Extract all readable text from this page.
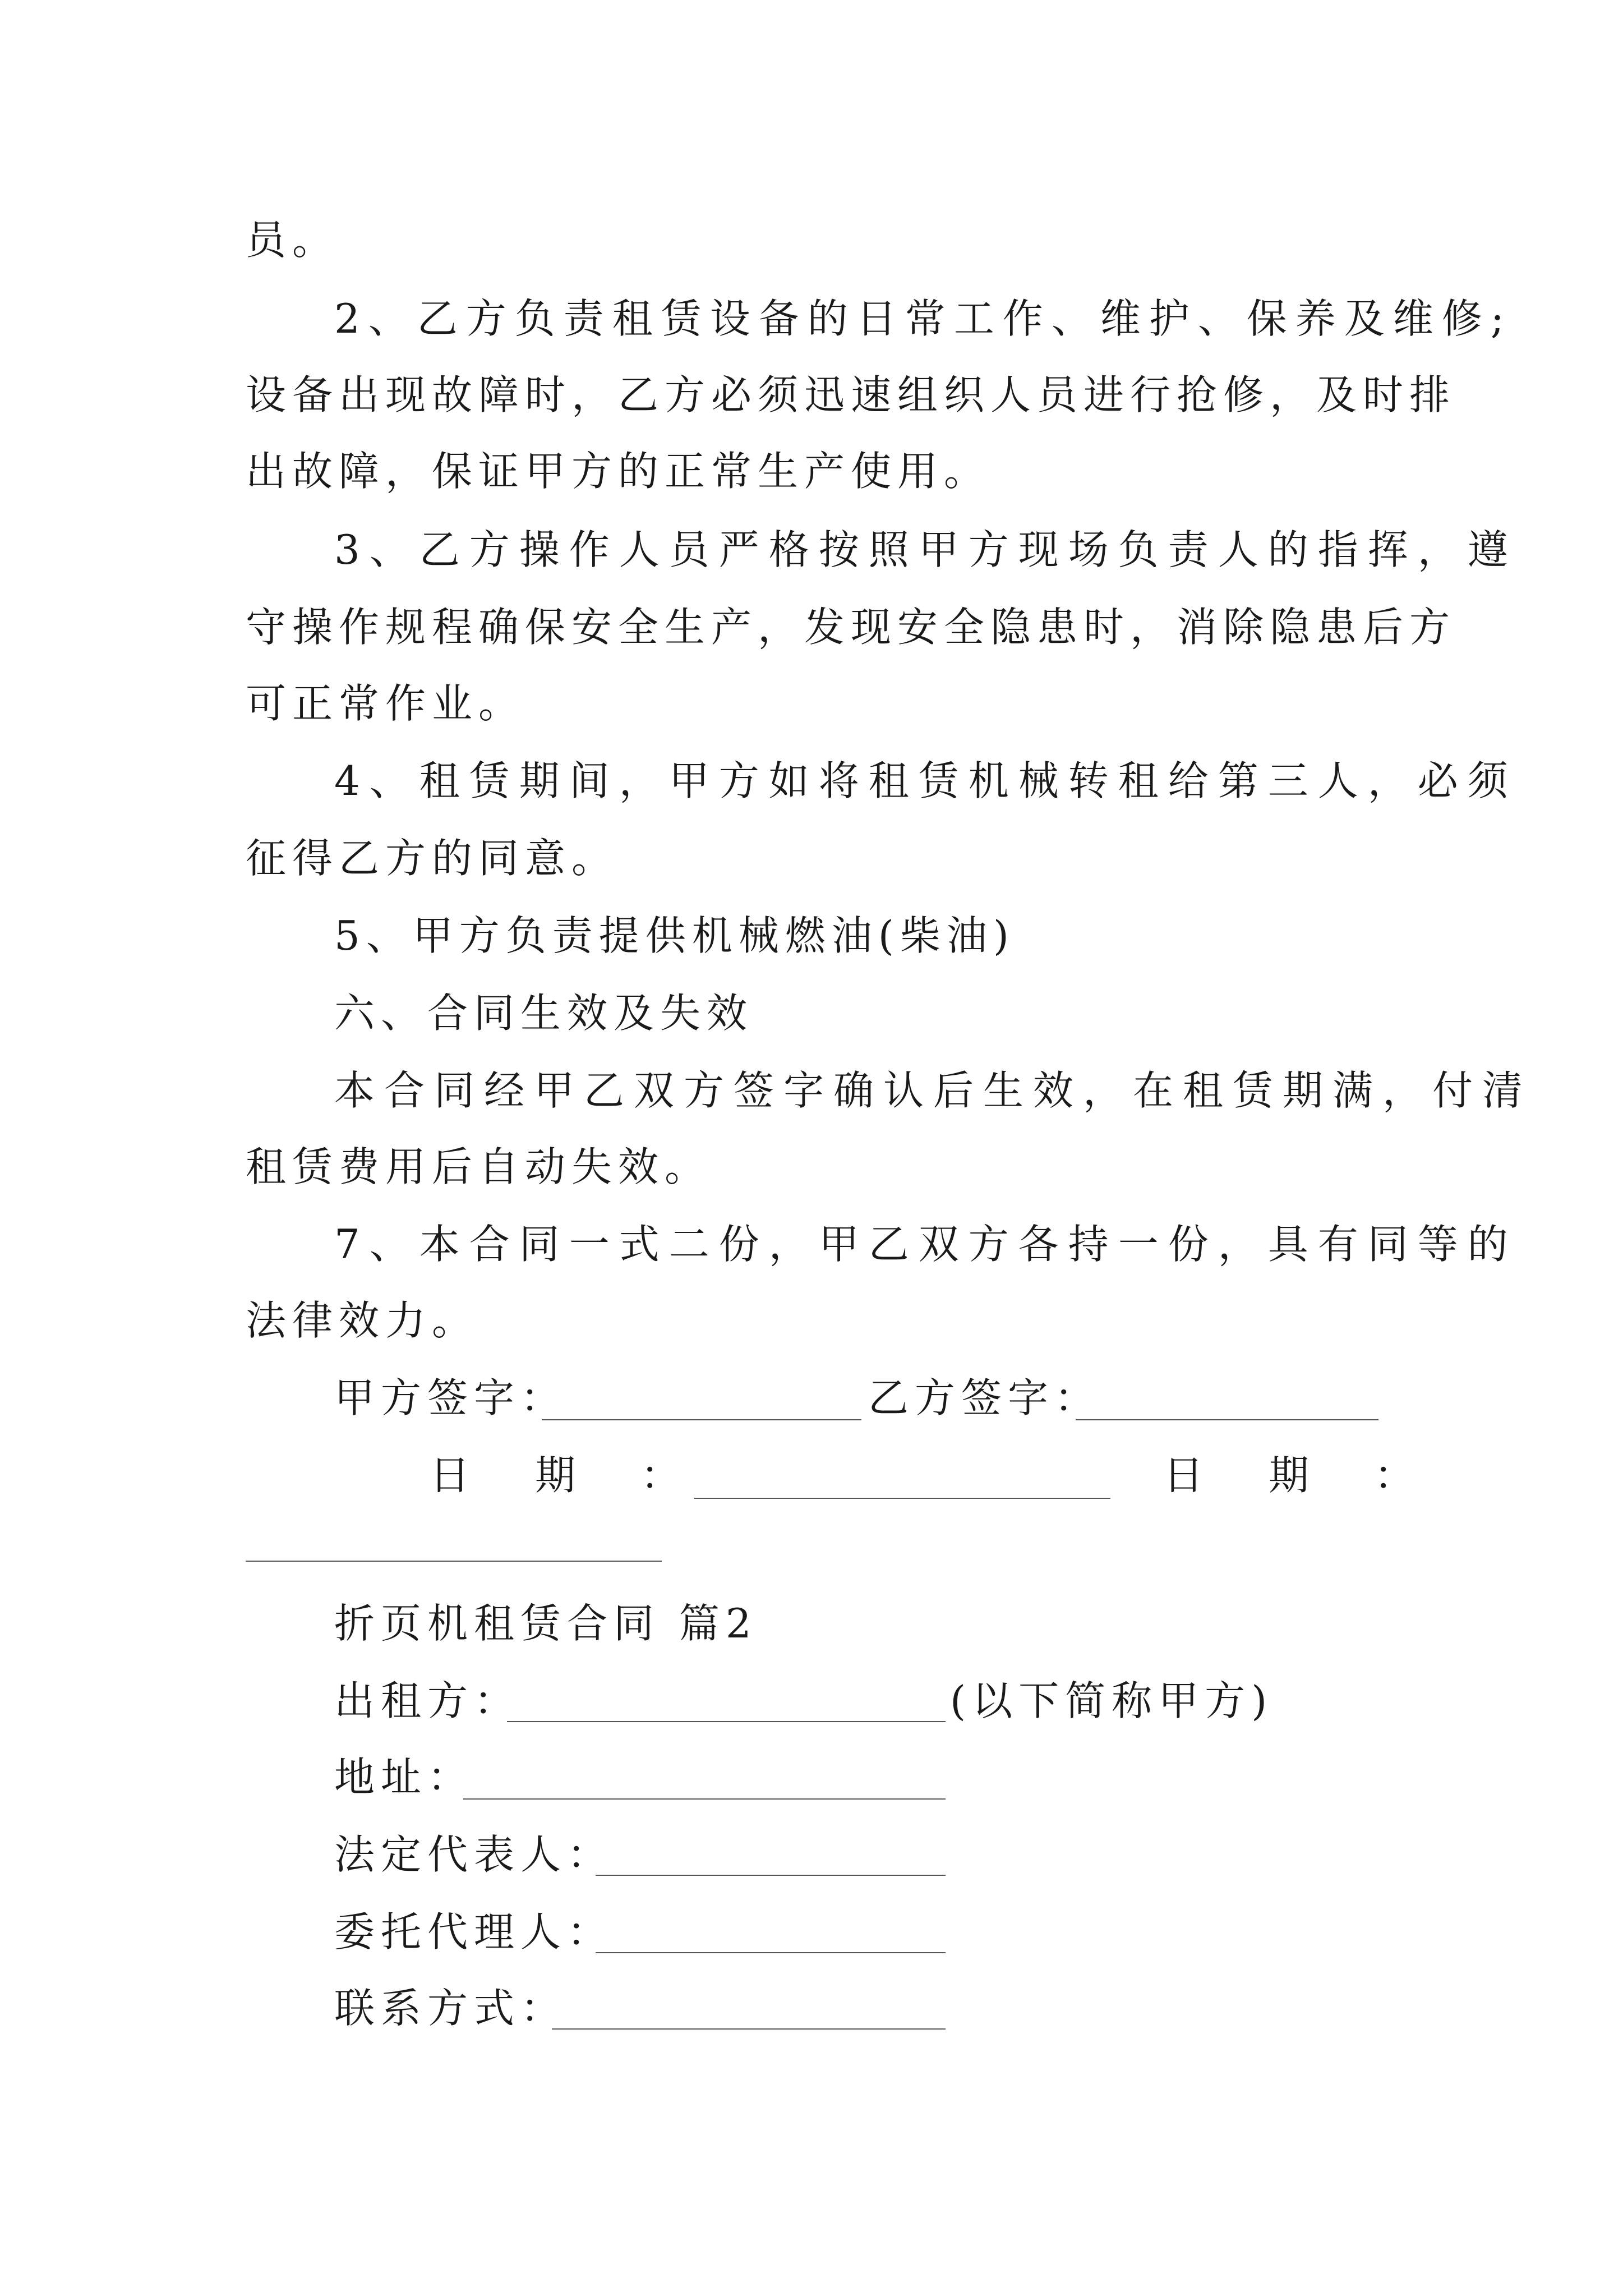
员。
2、乙方负责租赁设备的日常工作、维护、保养及维修;
设备出现故障时，乙方必须迅速组织人员进行抢修，及时排
出故障，保证甲方的正常生产使用。
3、乙方操作人员严格按照甲方现场负责人的指挥，遵
守操作规程确保安全生产，发现安全隐患时，消除隐患后方
可正常作业。
4、租赁期间，甲方如将租赁机械转租给第三人，必须
征得乙方的同意。
5、甲方负责提供机械燃油(柴油)
六、合同生效及失效
本合同经甲乙双方签字确认后生效，在租赁期满，付清
租赁费用后自动失效。
7、本合同一式二份，甲乙双方各持一份，具有同等的
法律效力。
甲方签字：	乙方签字：
日　期　：	日　期　：
折页机租赁合同 篇2
出租方：	(以下简称甲方)
地址：
法定代表人：
委托代理人：
联系方式：
